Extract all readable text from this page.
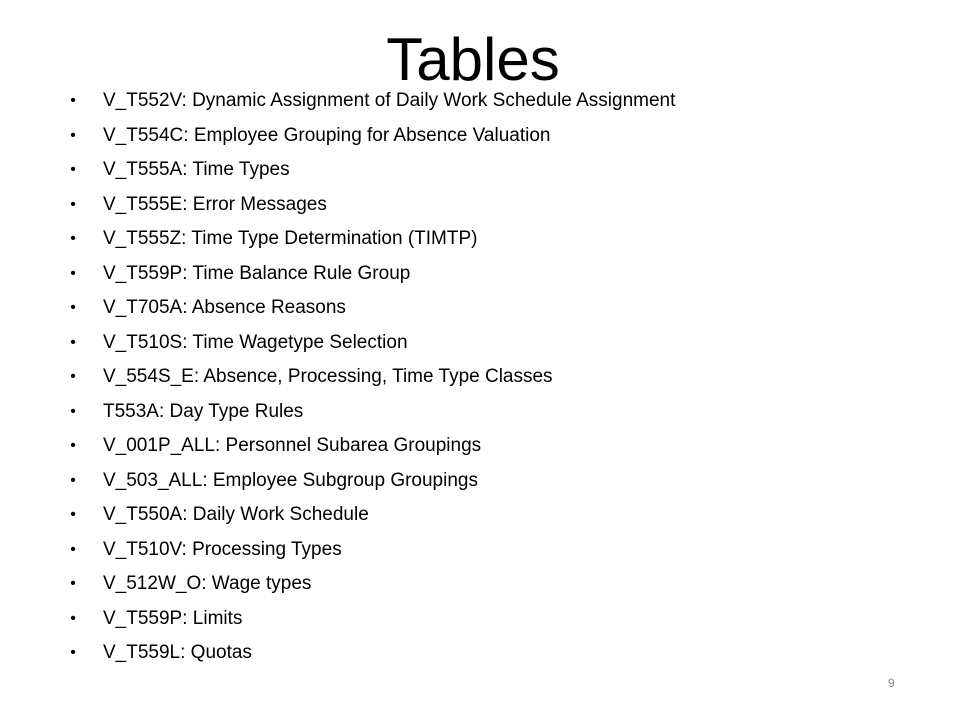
Tables
• V_T552V: Dynamic Assignment of Daily Work Schedule Assignment
• V_T554C: Employee Grouping for Absence Valuation
• V_T555A: Time Types
• V_T555E: Error Messages
• V_T555Z: Time Type Determination (TIMTP)
• V_T559P: Time Balance Rule Group
• V_T705A: Absence Reasons
• V_T510S: Time Wagetype Selection
• V_554S_E: Absence, Processing, Time Type Classes
• T553A: Day Type Rules
• V_001P_ALL: Personnel Subarea Groupings
• V_503_ALL: Employee Subgroup Groupings
• V_T550A: Daily Work Schedule
• V_T510V: Processing Types
• V_512W_O: Wage types
• V_T559P: Limits
• V_T559L: Quotas
9
